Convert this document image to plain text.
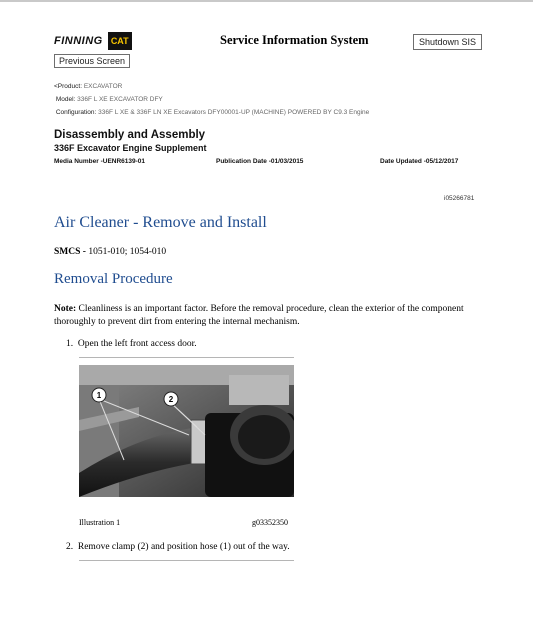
FINNING CAT	Service Information System	Shutdown SIS
Previous Screen
<Product: EXCAVATOR
Model: 336F L XE EXCAVATOR DFY
Configuration: 336F L XE & 336F LN XE Excavators DFY00001-UP (MACHINE) POWERED BY C9.3 Engine
Disassembly and Assembly
336F Excavator Engine Supplement
Media Number -UENR6139-01	Publication Date -01/03/2015	Date Updated -05/12/2017
i05266781
Air Cleaner - Remove and Install
SMCS - 1051-010; 1054-010
Removal Procedure
Note: Cleanliness is an important factor. Before the removal procedure, clean the exterior of the component thoroughly to prevent dirt from entering the internal mechanism.
1. Open the left front access door.
1	2
Illustration 1	g03352350
2. Remove clamp (2) and position hose (1) out of the way.
